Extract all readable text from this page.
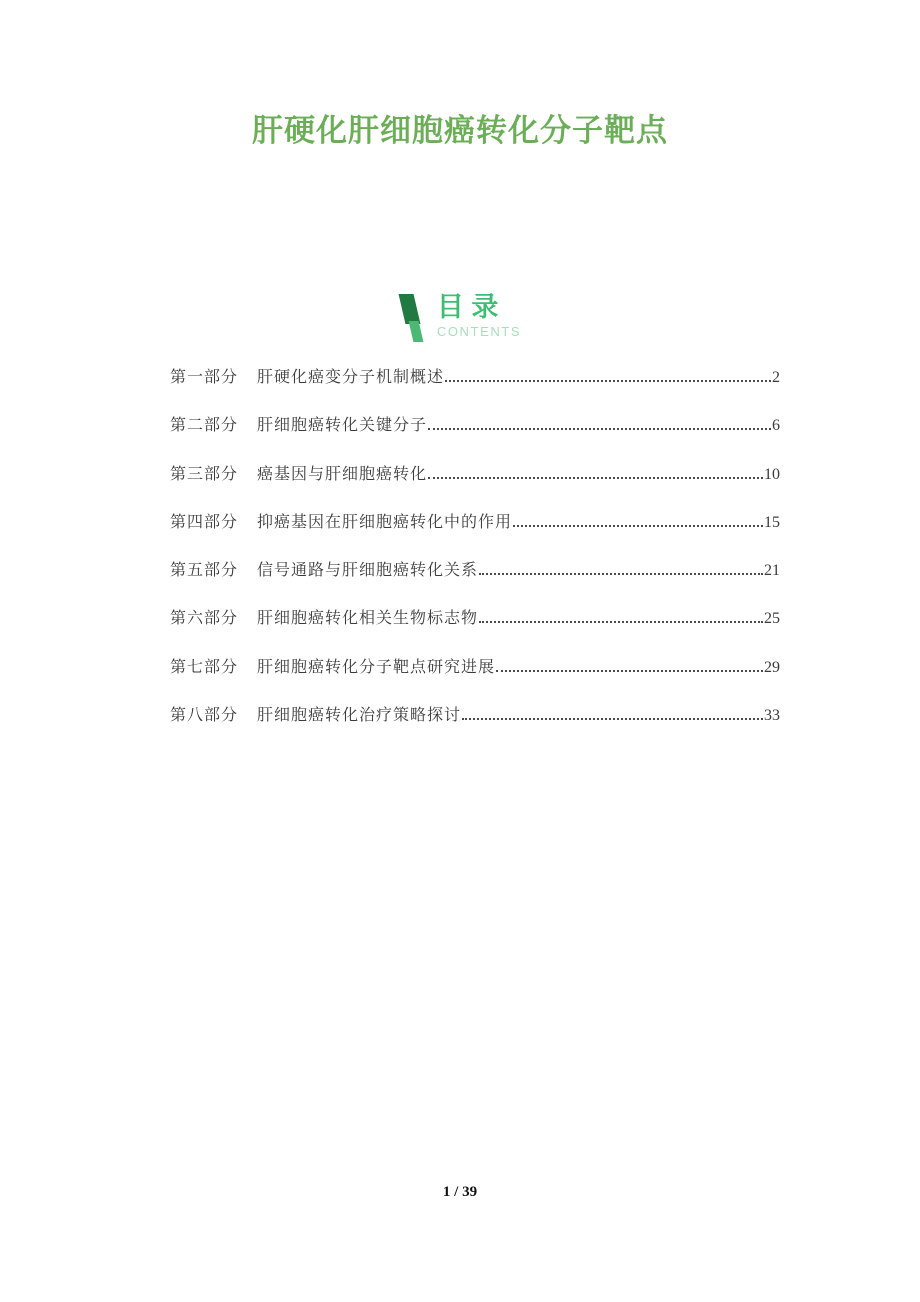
肝硬化肝细胞癌转化分子靶点
目 录
CONTENTS
第一部分 肝硬化癌变分子机制概述	2
第二部分 肝细胞癌转化关键分子	6
第三部分 癌基因与肝细胞癌转化	10
第四部分 抑癌基因在肝细胞癌转化中的作用	15
第五部分 信号通路与肝细胞癌转化关系	21
第六部分 肝细胞癌转化相关生物标志物	25
第七部分 肝细胞癌转化分子靶点研究进展	29
第八部分 肝细胞癌转化治疗策略探讨	33
1 / 39
